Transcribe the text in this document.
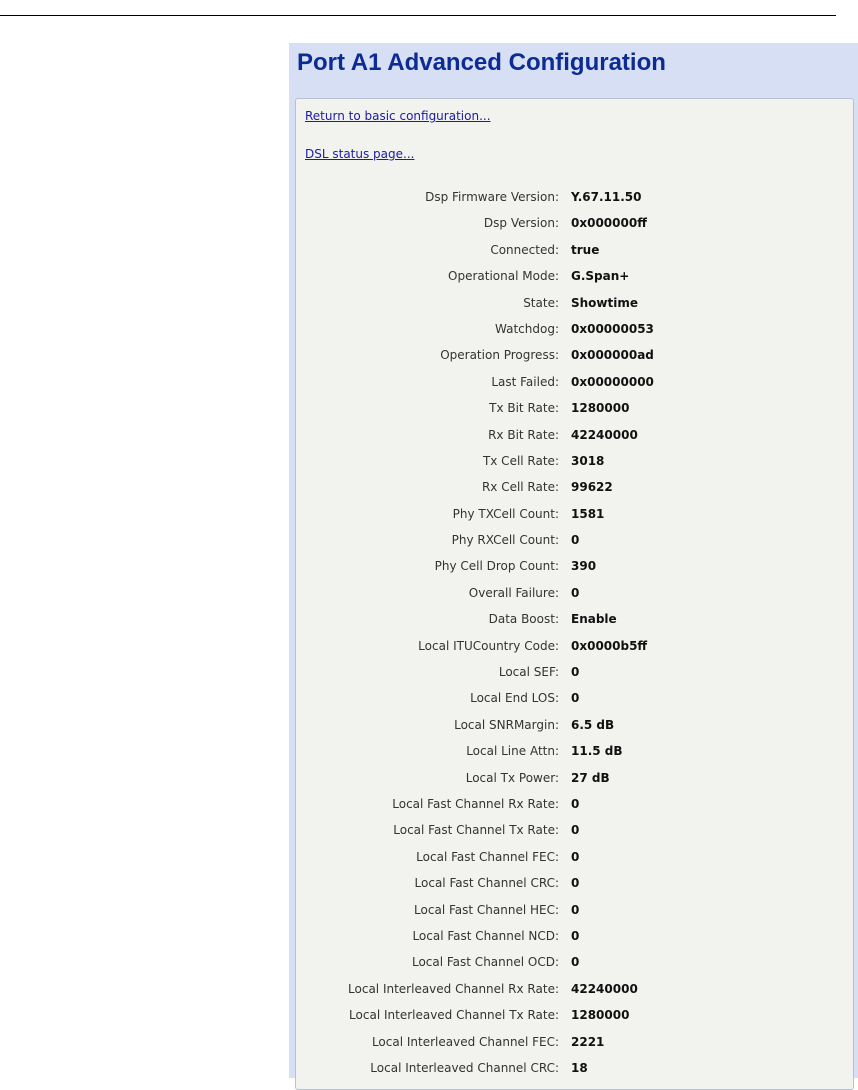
Port A1 Advanced Configuration
Return to basic configuration...
DSL status page...
Dsp Firmware Version: Y.67.11.50
Dsp Version: 0x000000ff
Connected: true
Operational Mode: G.Span+
State: Showtime
Watchdog: 0x00000053
Operation Progress: 0x000000ad
Last Failed: 0x00000000
Tx Bit Rate: 1280000
Rx Bit Rate: 42240000
Tx Cell Rate: 3018
Rx Cell Rate: 99622
Phy TXCell Count: 1581
Phy RXCell Count: 0
Phy Cell Drop Count: 390
Overall Failure: 0
Data Boost: Enable
Local ITUCountry Code: 0x0000b5ff
Local SEF: 0
Local End LOS: 0
Local SNRMargin: 6.5 dB
Local Line Attn: 11.5 dB
Local Tx Power: 27 dB
Local Fast Channel Rx Rate: 0
Local Fast Channel Tx Rate: 0
Local Fast Channel FEC: 0
Local Fast Channel CRC: 0
Local Fast Channel HEC: 0
Local Fast Channel NCD: 0
Local Fast Channel OCD: 0
Local Interleaved Channel Rx Rate: 42240000
Local Interleaved Channel Tx Rate: 1280000
Local Interleaved Channel FEC: 2221
Local Interleaved Channel CRC: 18
